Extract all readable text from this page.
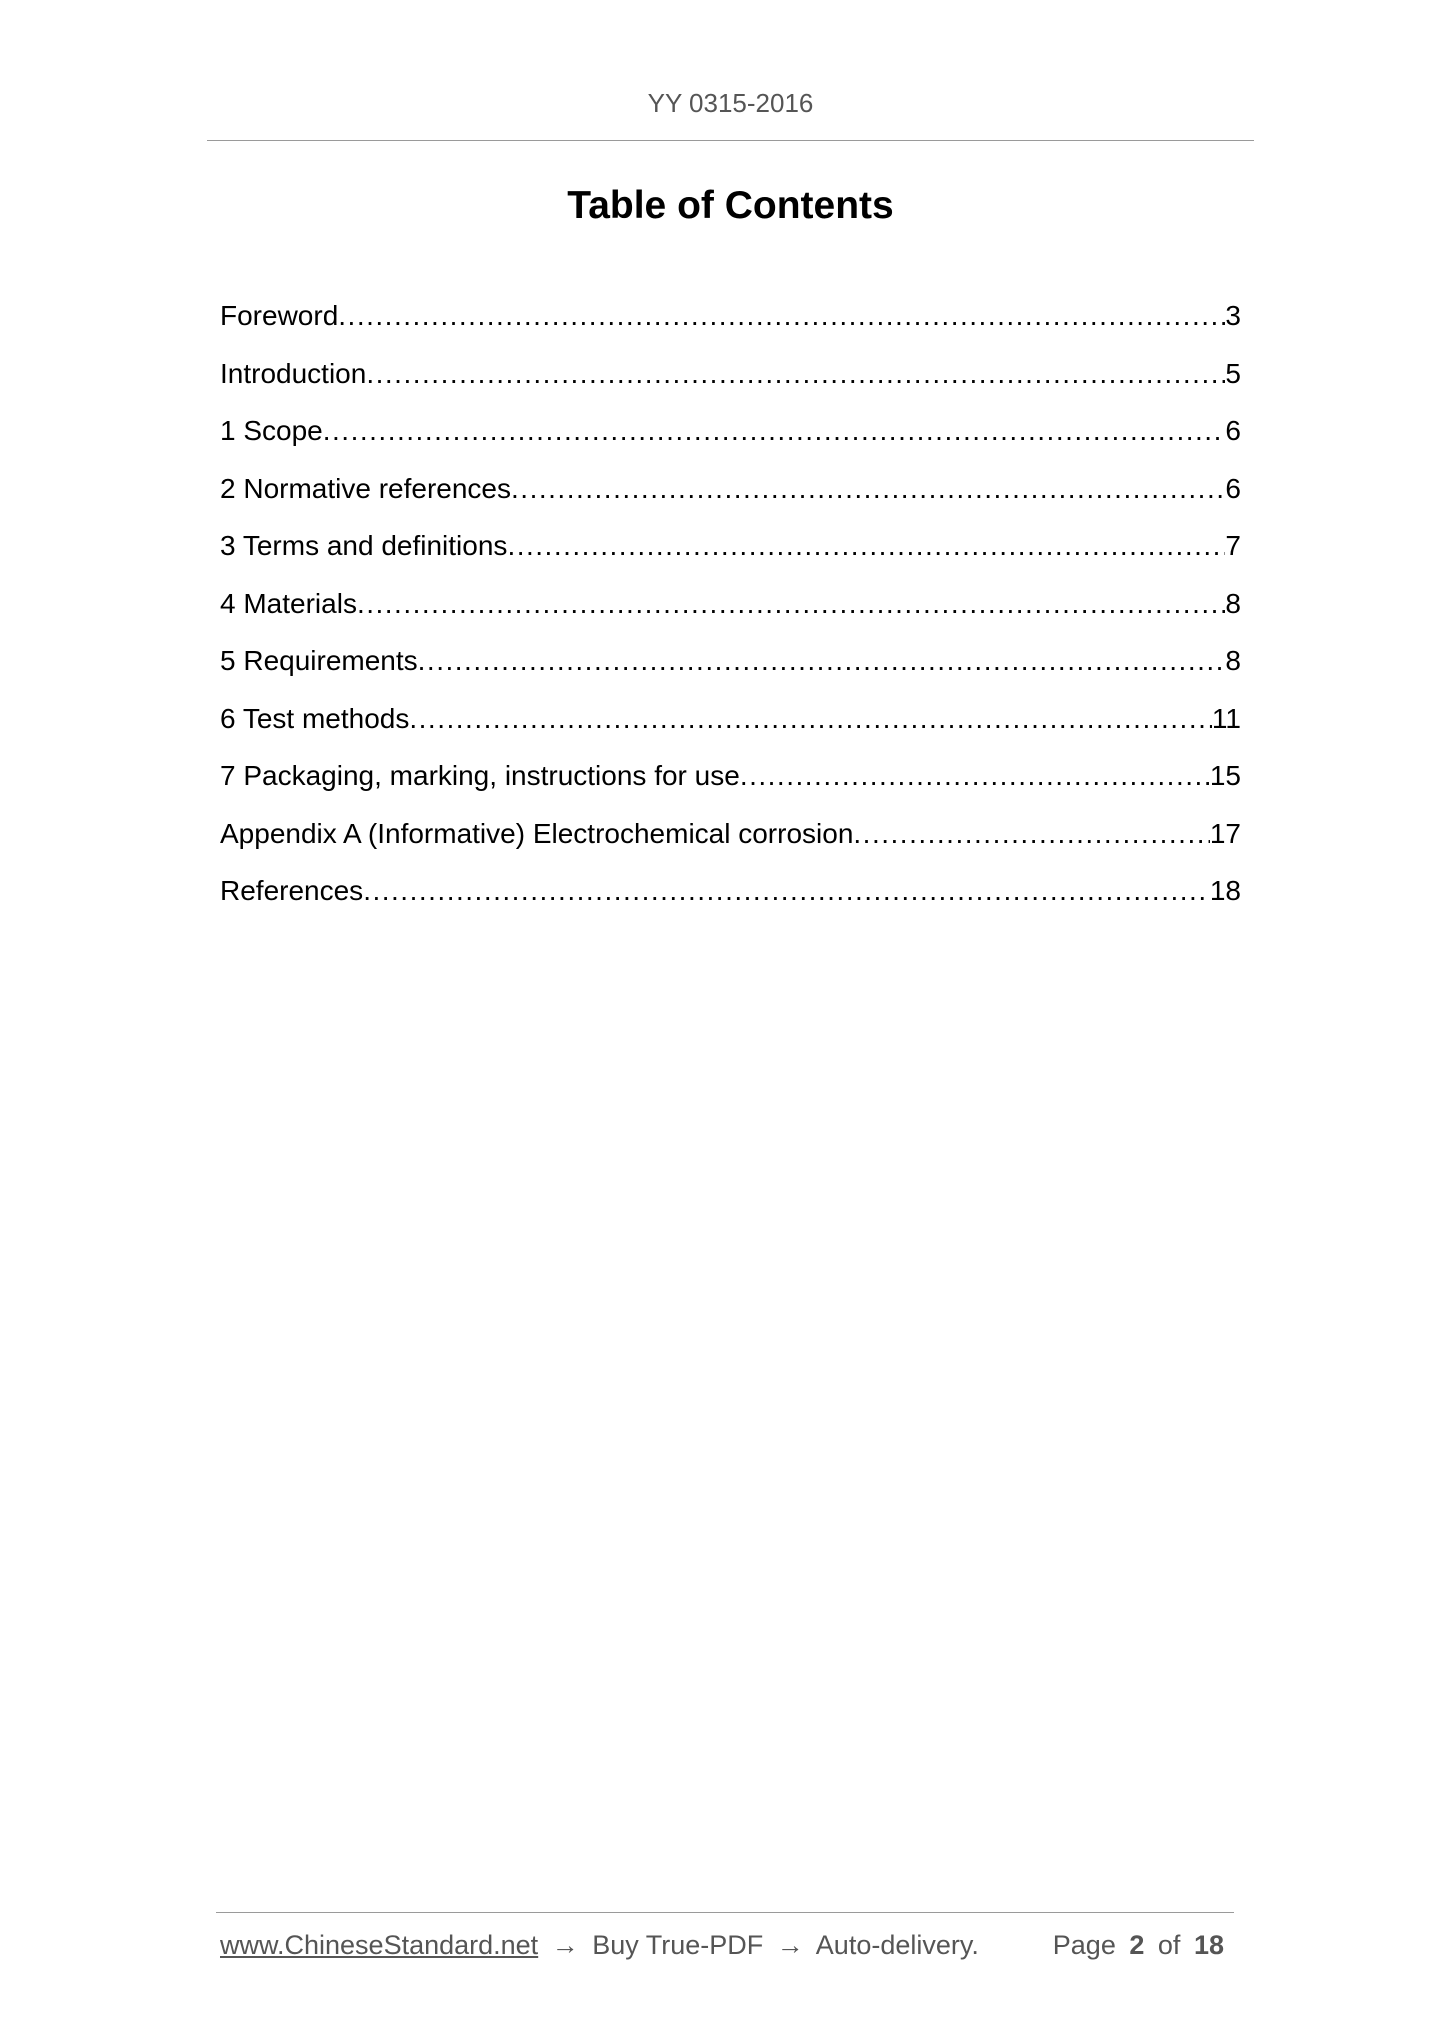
YY 0315-2016
Table of Contents
Foreword .....	3
Introduction .....	5
1 Scope .....	6
2 Normative references .....	6
3 Terms and definitions .....	7
4 Materials .....	8
5 Requirements .....	8
6 Test methods .....	11
7 Packaging, marking, instructions for use .....	15
Appendix A (Informative) Electrochemical corrosion .....	17
References .....	18
www.ChineseStandard.net → Buy True-PDF → Auto-delivery.	Page 2 of 18
